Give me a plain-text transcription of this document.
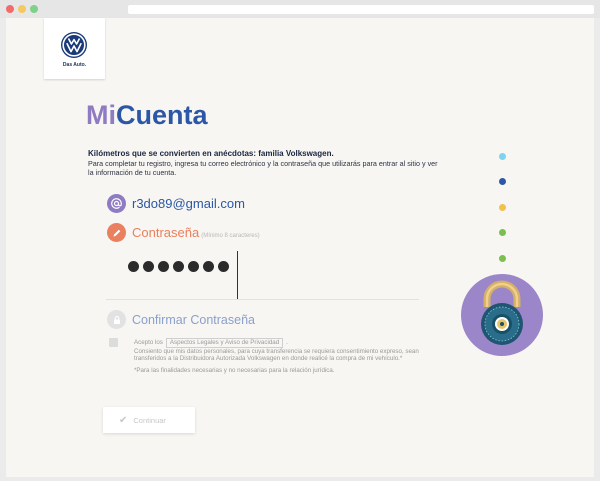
Das Auto.
MiCuenta
Kilómetros que se convierten en anécdotas: familia Volkswagen.
Para completar tu registro, ingresa tu correo electrónico y la contraseña que utilizarás para entrar al sitio y ver la información de tu cuenta.
r3do89@gmail.com
Contraseña (Mínimo 8 caracteres)
Confirmar Contraseña
Acepto los Aspectos Legales y Aviso de Privacidad .
Consiento que mis datos personales, para cuya transferencia se requiera consentimiento expreso, sean transferidos a la Distribuidora Autorizada Volkswagen en donde realicé la compra de mi vehículo.*
*Para las finalidades necesarias y no necesarias para la relación jurídica.
✔ Continuar
